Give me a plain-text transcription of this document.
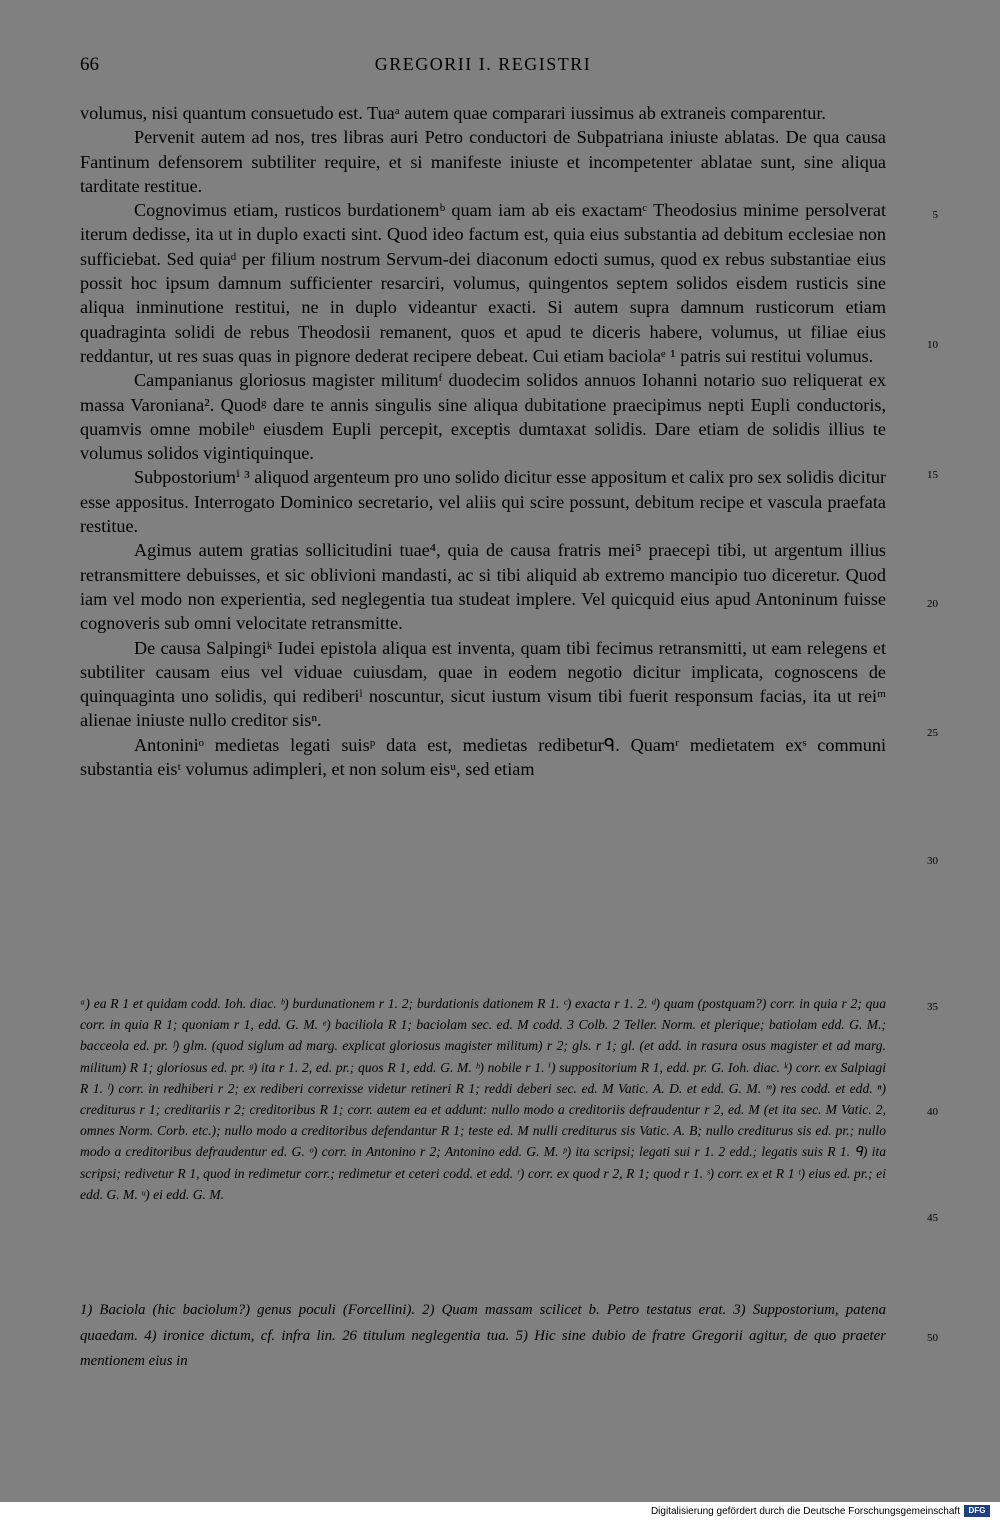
66	GREGORII I. REGISTRI

volumus, nisi quantum consuetudo est. Tuaᵃ autem quae comparari iussimus ab extraneis comparentur.

Pervenit autem ad nos, tres libras auri Petro conductori de Subpatriana iniuste ablatas. De qua causa Fantinum defensorem subtiliter require, et si manifeste iniuste et incompetenter ablatae sunt, sine aliqua tarditate restitue.

Cognovimus etiam, rusticos burdationemᵇ quam iam ab eis exactamᶜ Theodosius minime persolverat iterum dedisse, ita ut in duplo exacti sint. Quod ideo factum est, quia eius substantia ad debitum ecclesiae non sufficiebat. Sed quiaᵈ per filium nostrum Servum-dei diaconum edocti sumus, quod ex rebus substantiae eius possit hoc ipsum damnum sufficienter resarciri, volumus, quingentos septem solidos eisdem rusticis sine aliqua inminutione restitui, ne in duplo videantur exacti. Si autem supra damnum rusticorum etiam quadraginta solidi de rebus Theodosii remanent, quos et apud te diceris habere, volumus, ut filiae eius reddantur, ut res suas quas in pignore dederat recipere debeat. Cui etiam baciolaᵉ ¹ patris sui restitui volumus.

Campanianus gloriosus magister militumᶠ duodecim solidos annuos Iohanni notario suo reliquerat ex massa Varoniana². Quodᵍ dare te annis singulis sine aliqua dubitatione praecipimus nepti Eupli conductoris, quamvis omne mobileʰ eiusdem Eupli percepit, exceptis dumtaxat solidis. Dare etiam de solidis illius te volumus solidos vigintiquinque.

Subpostoriumⁱ ³ aliquod argenteum pro uno solido dicitur esse appositum et calix pro sex solidis dicitur esse appositus. Interrogato Dominico secretario, vel aliis qui scire possunt, debitum recipe et vascula praefata restitue.

Agimus autem gratias sollicitudini tuae⁴, quia de causa fratris mei⁵ praecepi tibi, ut argentum illius retransmittere debuisses, et sic oblivioni mandasti, ac si tibi aliquid ab extremo mancipio tuo diceretur. Quod iam vel modo non experientia, sed neglegentia tua studeat implere. Vel quicquid eius apud Antoninum fuisse cognoveris sub omni velocitate retransmitte.

De causa Salpingiᵏ Iudei epistola aliqua est inventa, quam tibi fecimus retransmitti, ut eam relegens et subtiliter causam eius vel viduae cuiusdam, quae in eodem negotio dicitur implicata, cognoscens de quinquaginta uno solidis, qui rediberiˡ noscuntur, sicut iustum visum tibi fuerit responsum facias, ita ut reiᵐ alienae iniuste nullo creditor sisⁿ.

Antoniniᵒ medietas legati suisᵖ data est, medietas redibeturᑫ. Quamʳ medietatem exˢ communi substantia eisᵗ volumus adimpleri, et non solum eisᵘ, sed etiam

5
10
15
20
25
30
35
40
45
50

ᵃ) ea R 1 et quidam codd. Ioh. diac. ᵇ) burdunationem r 1. 2; burdationis dationem R 1. ᶜ) exacta r 1. 2. ᵈ) quam (postquam?) corr. in quia r 2; qua corr. in quia R 1; quoniam r 1, edd. G. M. ᵉ) baciliola R 1; baciolam sec. ed. M codd. 3 Colb. 2 Teller. Norm. et plerique; batiolam edd. G. M.; bacceola ed. pr. ᶠ) glm. (quod siglum ad marg. explicat gloriosus magister militum) r 2; gls. r 1; gl. (et add. in rasura osus magister et ad marg. militum) R 1; gloriosus ed. pr. ᵍ) ita r 1. 2, ed. pr.; quos R 1, edd. G. M. ʰ) nobile r 1. ⁱ) suppositorium R 1, edd. pr. G. Ioh. diac. ᵏ) corr. ex Salpiagi R 1. ˡ) corr. in redhiberi r 2; ex rediberi correxisse videtur retineri R 1; reddi deberi sec. ed. M Vatic. A. D. et edd. G. M. ᵐ) res codd. et edd. ⁿ) crediturus r 1; creditariis r 2; creditoribus R 1; corr. autem ea et addunt: nullo modo a creditoriis defraudentur r 2, ed. M (et ita sec. M Vatic. 2, omnes Norm. Corb. etc.); nullo modo a creditoribus defendantur R 1; teste ed. M nulli crediturus sis Vatic. A. B; nullo crediturus sis ed. pr.; nullo modo a creditoribus defraudentur ed. G. ᵒ) corr. in Antonino r 2; Antonino edd. G. M. ᵖ) ita scripsi; legati sui r 1. 2 edd.; legatis suis R 1. ᑫ) ita scripsi; redivetur R 1, quod in redimetur corr.; redimetur et ceteri codd. et edd. ʳ) corr. ex quod r 2, R 1; quod r 1. ˢ) corr. ex et R 1 ᵗ) eius ed. pr.; ei edd. G. M. ᵘ) ei edd. G. M.

1) Baciola (hic baciolum?) genus poculi (Forcellini). 2) Quam massam scilicet b. Petro testatus erat. 3) Suppostorium, patena quaedam. 4) ironice dictum, cf. infra lin. 26 titulum neglegentia tua. 5) Hic sine dubio de fratre Gregorii agitur, de quo praeter mentionem eius in

Digitalisierung gefördert durch die Deutsche Forschungsgemeinschaft	DFG
